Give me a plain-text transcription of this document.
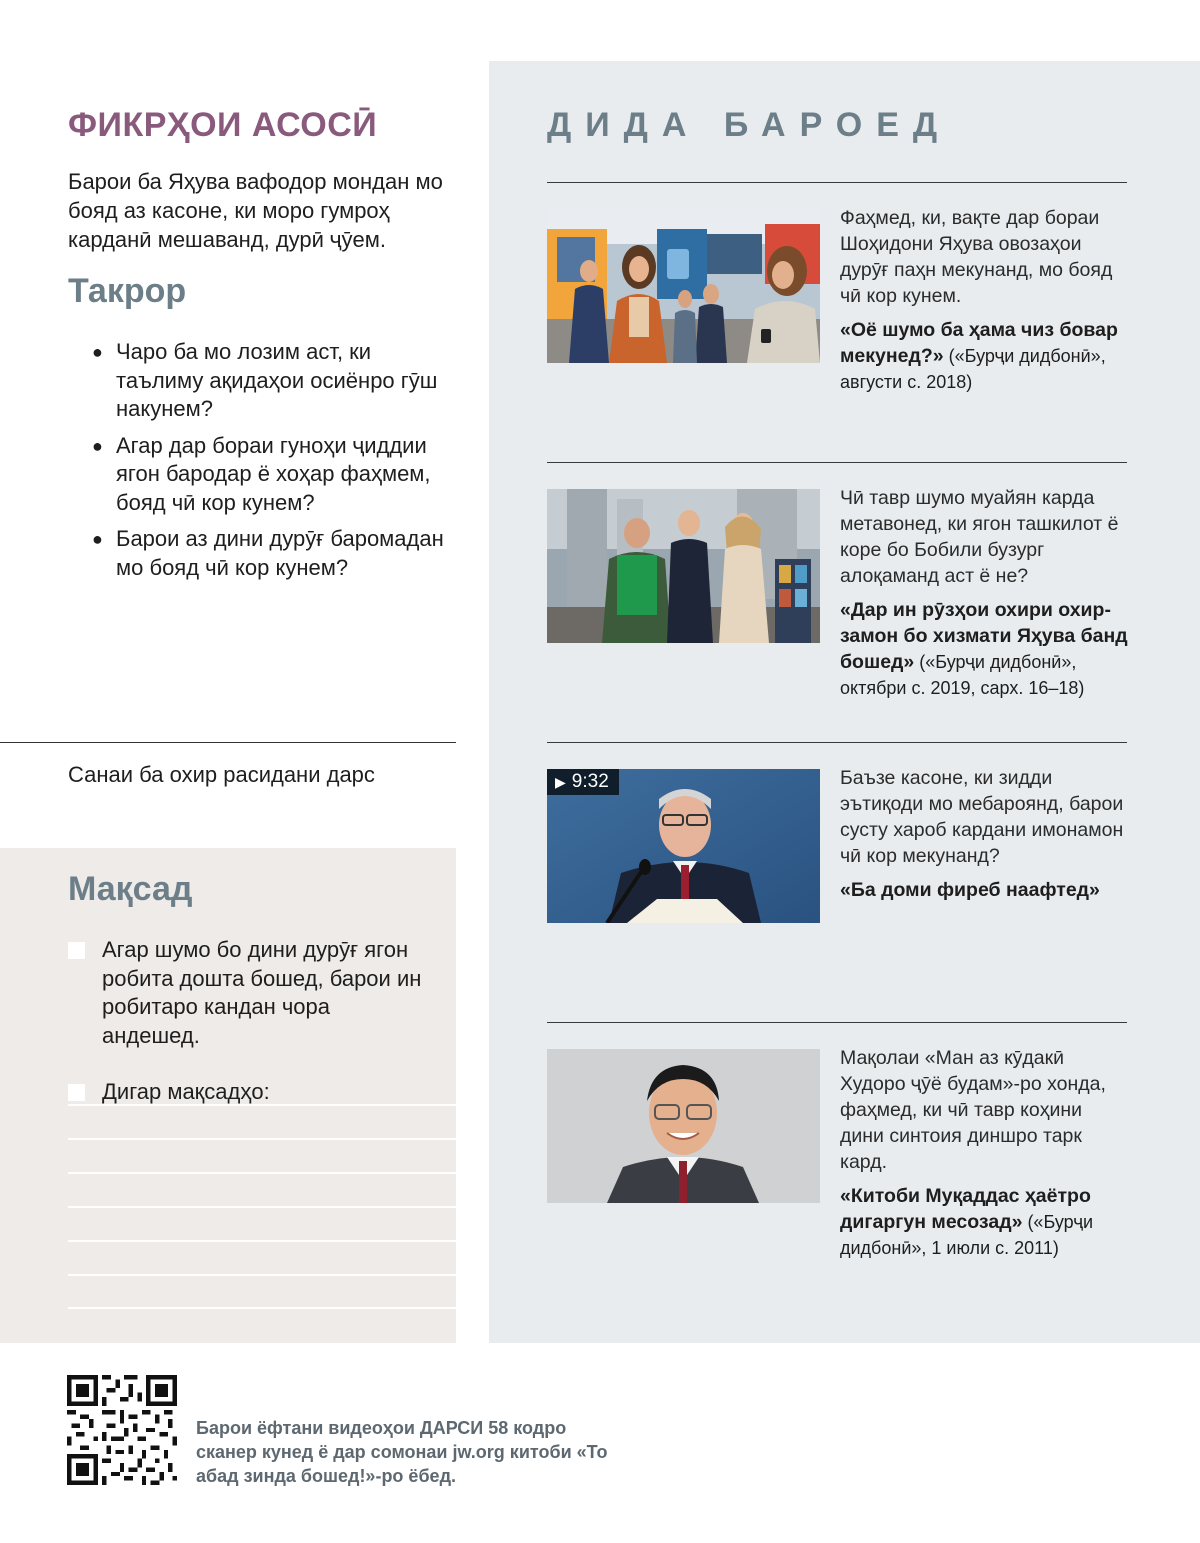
ФИКРҲОИ АСОСӢ

Барои ба Яҳува вафодор мондан мо бояд аз касоне, ки моро гумроҳ карданӣ мешаванд, дурӣ ҷӯем.

Такрор
● Чаро ба мо лозим аст, ки таълиму ақидаҳои осиёнро гӯш накунем?
● Агар дар бораи гуноҳи ҷиддии ягон бародар ё хоҳар фаҳмем, бояд чӣ кор кунем?
● Барои аз дини дурӯғ баромадан мо бояд чӣ кор кунем?
Санаи ба охир расидани дарс
Мақсад
Агар шумо бо дини дурӯғ ягон робита дошта бошед, барои ин робитаро кандан чора андешед.
Дигар мақсадҳо:
ДИДА БАРОЕД
Фаҳмед, ки, вақте дар бораи Шоҳидони Яҳува овозаҳои дурӯғ паҳн мекунанд, мо бояд чӣ кор кунем.
«Оё шумо ба ҳама чиз бовар мекунед?» («Бурҷи дидбонӣ», августи с. 2018)
Чӣ тавр шумо муайян карда метавонед, ки ягон ташкилот ё коре бо Бобили бузург алоқаманд аст ё не?
«Дар ин рӯзҳои охири охир-замон бо хизмати Яҳува банд бошед» («Бурҷи дидбонӣ», октябри с. 2019, сарх. 16–18)
▶ 9:32	Баъзе касоне, ки зидди эътиқоди мо мебароянд, барои сусту хароб кардани имонамон чӣ кор мекунанд?
«Ба доми фиреб наафтед»
Мақолаи «Ман аз кӯдакӣ Худоро ҷӯё будам»-ро хонда, фаҳмед, ки чӣ тавр коҳини дини синтоия диншро тарк кард.
«Китоби Муқаддас ҳаётро дигаргун месозад» («Бурҷи дидбонӣ», 1 июли с. 2011)

Барои ёфтани видеоҳои ДАРСИ 58 кодро сканер кунед ё дар сомонаи jw.org китоби «То абад зинда бошед!»-ро ёбед.
